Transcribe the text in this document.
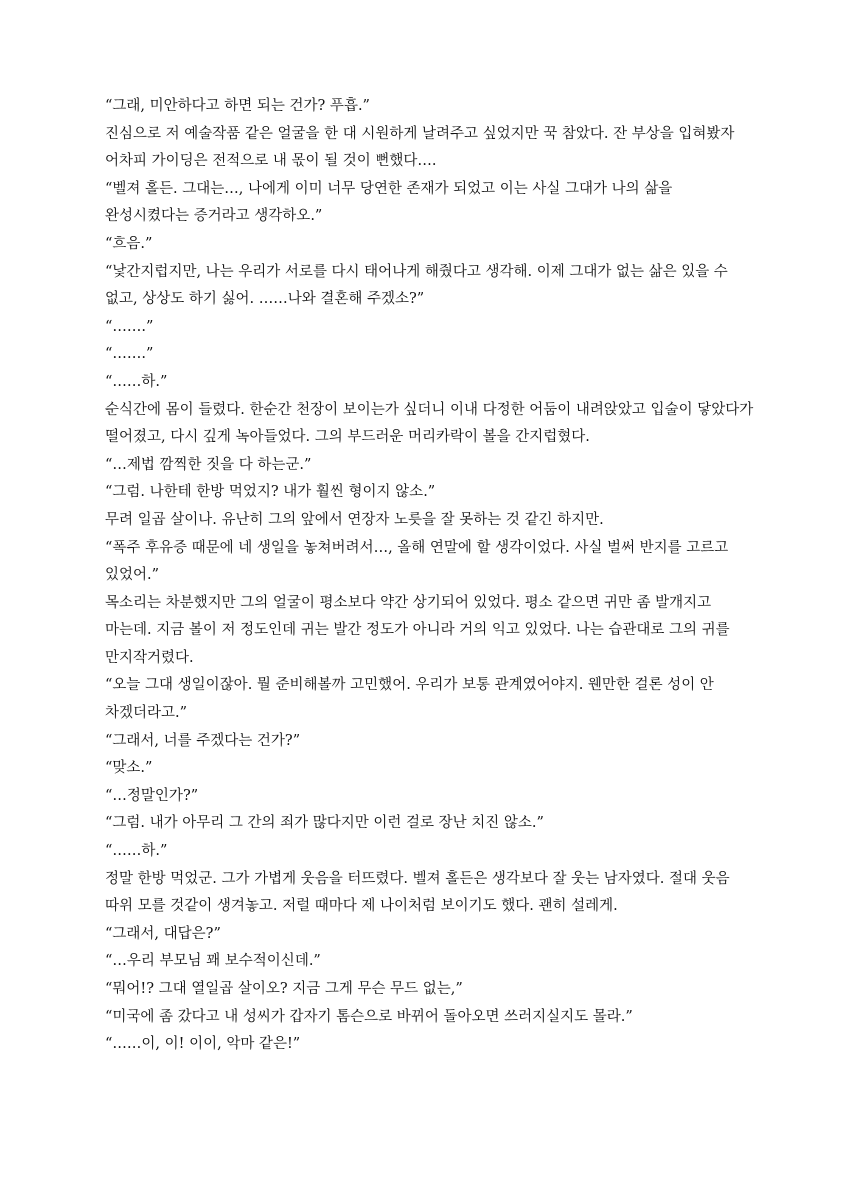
“그래, 미안하다고 하면 되는 건가? 푸흡.”

진심으로 저 예술작품 같은 얼굴을 한 대 시원하게 날려주고 싶었지만 꾹 참았다. 잔 부상을 입혀봤자 어차피 가이딩은 전적으로 내 몫이 될 것이 뻔했다….

“벨져 홀든. 그대는…, 나에게 이미 너무 당연한 존재가 되었고 이는 사실 그대가 나의 삶을 완성시켰다는 증거라고 생각하오.”

“흐음.”

“낯간지럽지만, 나는 우리가 서로를 다시 태어나게 해줬다고 생각해. 이제 그대가 없는 삶은 있을 수 없고, 상상도 하기 싫어. ……나와 결혼해 주겠소?”

“…….”

“…….”

“……하.”

순식간에 몸이 들렸다. 한순간 천장이 보이는가 싶더니 이내 다정한 어둠이 내려앉았고 입술이 닿았다가 떨어졌고, 다시 깊게 녹아들었다. 그의 부드러운 머리카락이 볼을 간지럽혔다.

“…제법 깜찍한 짓을 다 하는군.”

“그럼. 나한테 한방 먹었지? 내가 훨씬 형이지 않소.”

무려 일곱 살이나. 유난히 그의 앞에서 연장자 노릇을 잘 못하는 것 같긴 하지만.

“폭주 후유증 때문에 네 생일을 놓쳐버려서…, 올해 연말에 할 생각이었다. 사실 벌써 반지를 고르고 있었어.”

목소리는 차분했지만 그의 얼굴이 평소보다 약간 상기되어 있었다. 평소 같으면 귀만 좀 발개지고 마는데. 지금 볼이 저 정도인데 귀는 발간 정도가 아니라 거의 익고 있었다. 나는 습관대로 그의 귀를 만지작거렸다.

“오늘 그대 생일이잖아. 뭘 준비해볼까 고민했어. 우리가 보통 관계였어야지. 웬만한 걸론 성이 안 차겠더라고.”

“그래서, 너를 주겠다는 건가?”

“맞소.”

“…정말인가?”

“그럼. 내가 아무리 그 간의 죄가 많다지만 이런 걸로 장난 치진 않소.”

“……하.”

정말 한방 먹었군. 그가 가볍게 웃음을 터뜨렸다. 벨져 홀든은 생각보다 잘 웃는 남자였다. 절대 웃음 따위 모를 것같이 생겨놓고. 저럴 때마다 제 나이처럼 보이기도 했다. 괜히 설레게.

“그래서, 대답은?”

“…우리 부모님 꽤 보수적이신데.”

“뭐어!? 그대 열일곱 살이오? 지금 그게 무슨 무드 없는,”

“미국에 좀 갔다고 내 성씨가 갑자기 톰슨으로 바뀌어 돌아오면 쓰러지실지도 몰라.”

“……이, 이! 이이, 악마 같은!”
